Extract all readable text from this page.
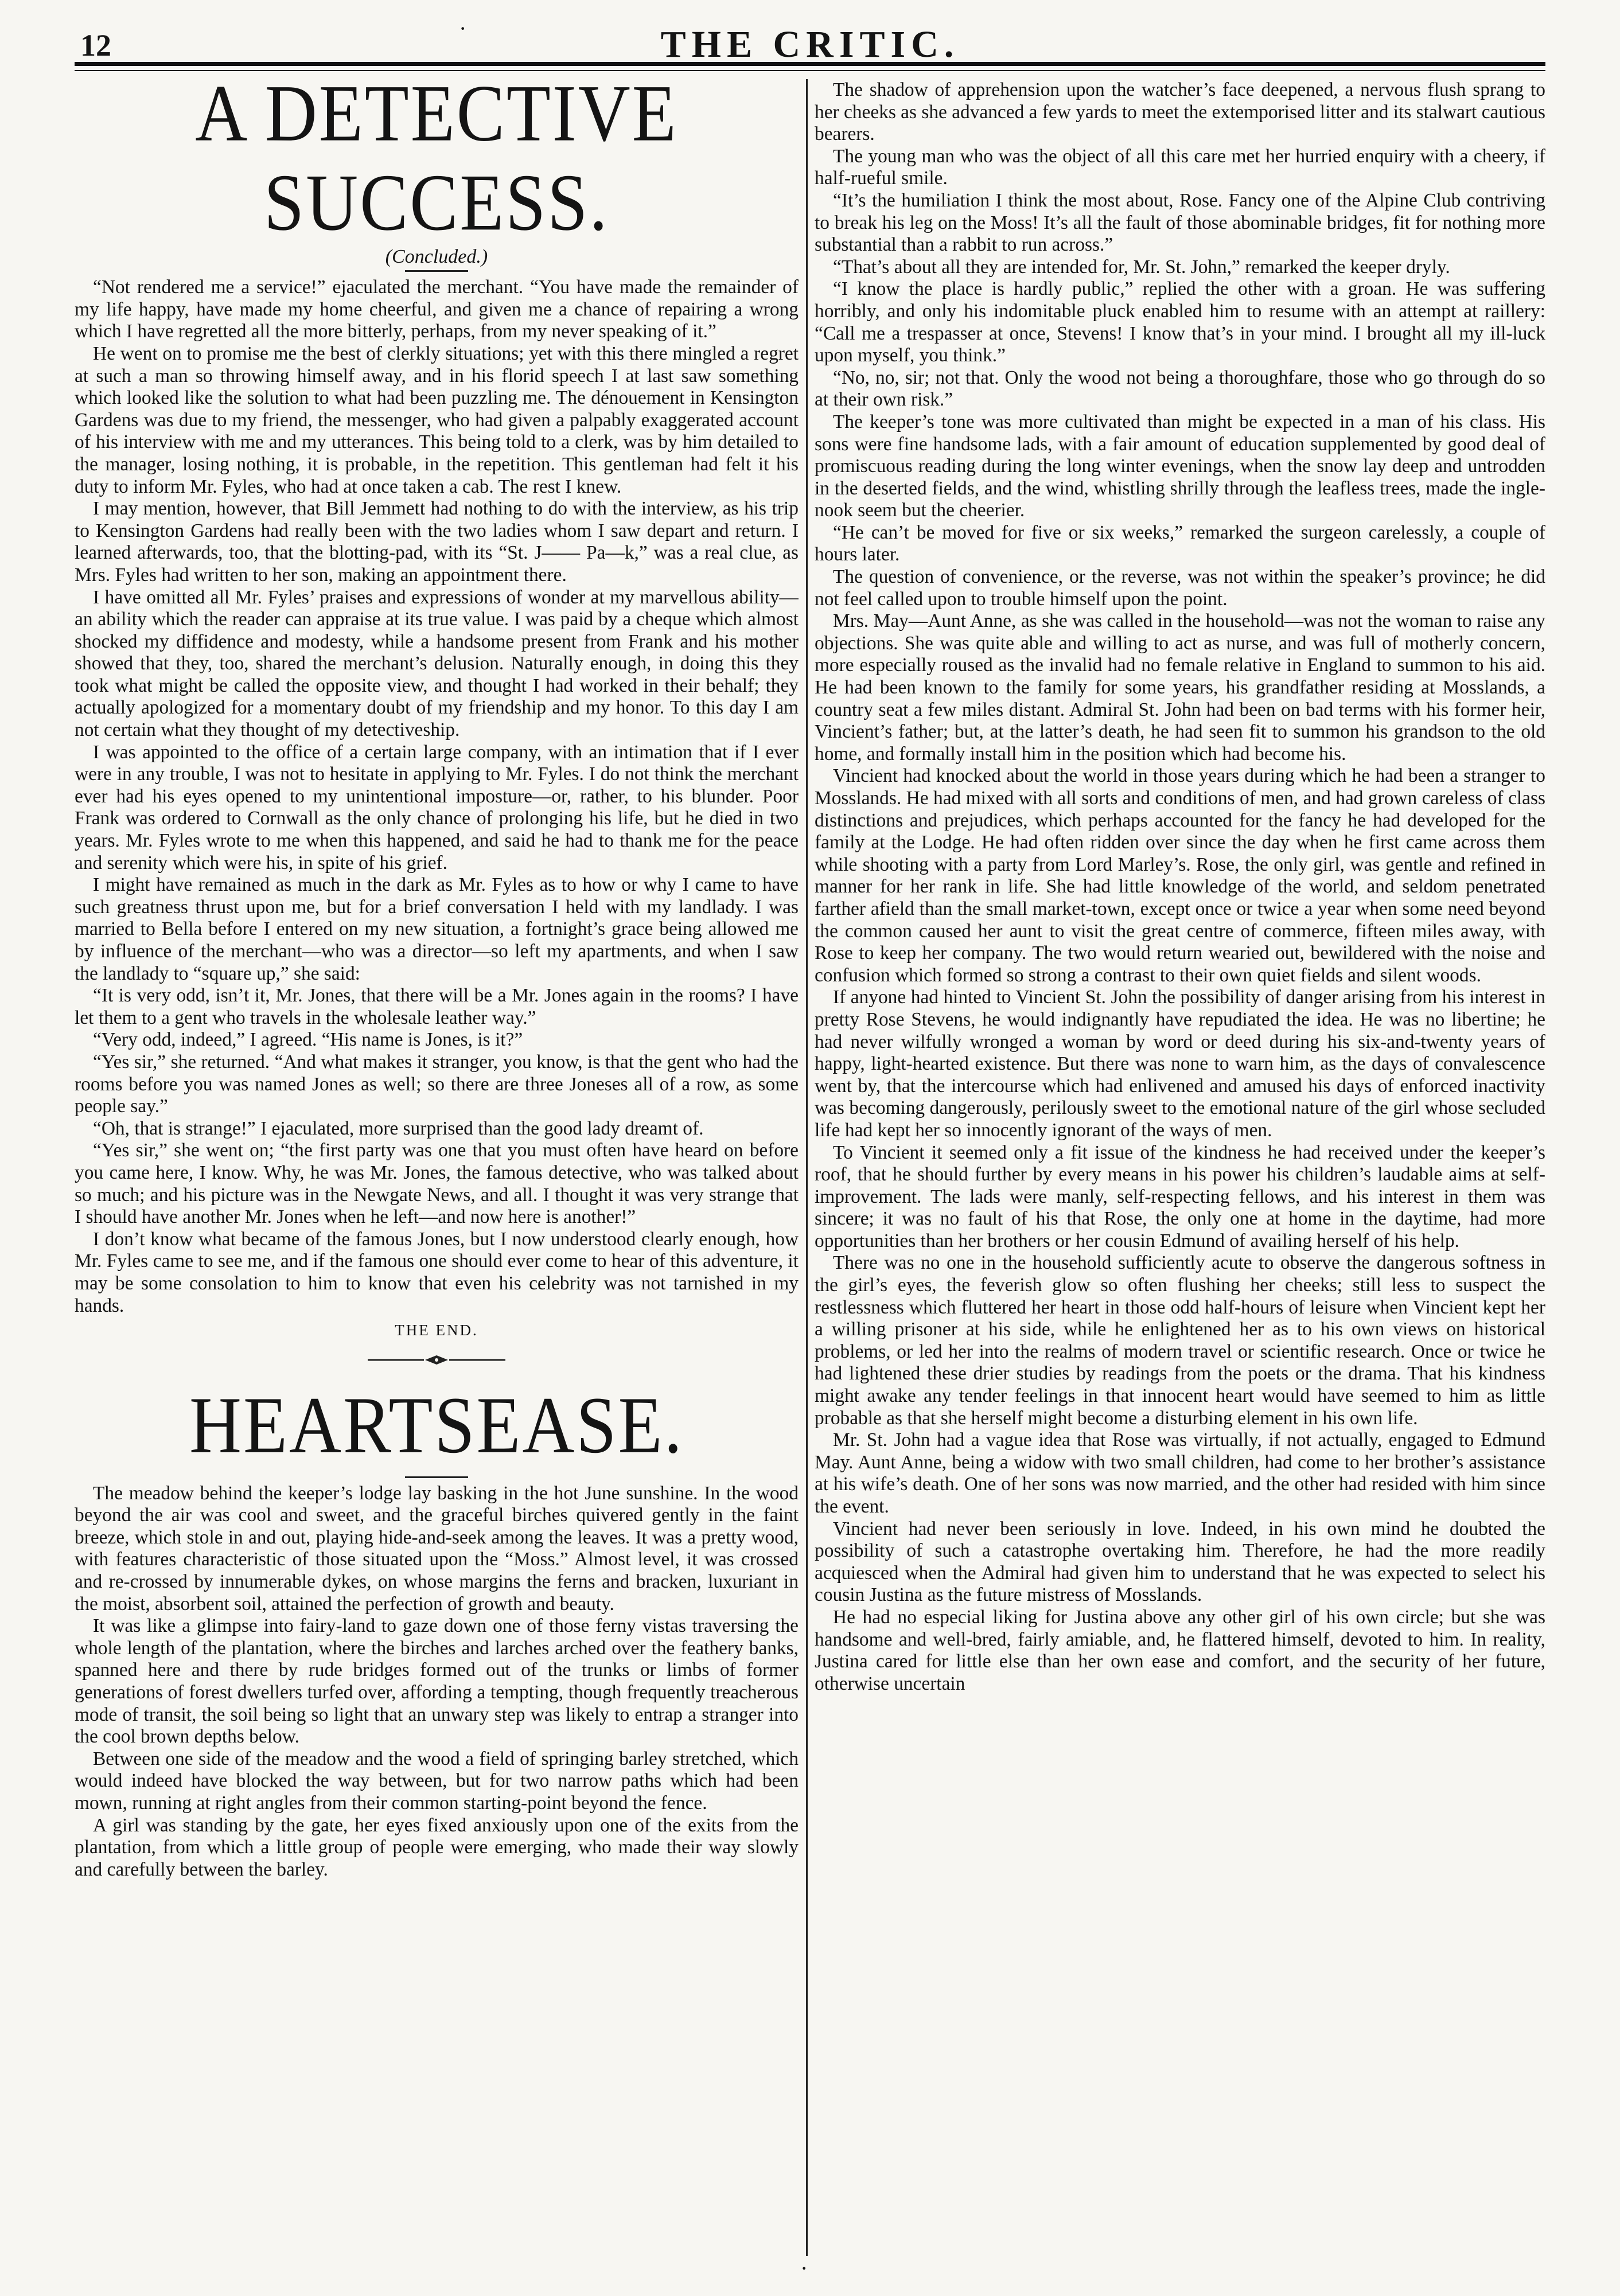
12	THE CRITIC.
A DETECTIVE SUCCESS.
(Concluded.)

“Not rendered me a service!” ejaculated the merchant. “You have made the remainder of my life happy, have made my home cheerful, and given me a chance of repairing a wrong which I have regretted all the more bitterly, perhaps, from my never speaking of it.”

He went on to promise me the best of clerkly situations; yet with this there mingled a regret at such a man so throwing himself away, and in his florid speech I at last saw something which looked like the solution to what had been puzzling me. The dénouement in Kensington Gardens was due to my friend, the messenger, who had given a palpably exaggerated account of his interview with me and my utterances. This being told to a clerk, was by him detailed to the manager, losing nothing, it is probable, in the repetition. This gentleman had felt it his duty to inform Mr. Fyles, who had at once taken a cab. The rest I knew.

I may mention, however, that Bill Jemmett had nothing to do with the interview, as his trip to Kensington Gardens had really been with the two ladies whom I saw depart and return. I learned afterwards, too, that the blotting-pad, with its “St. J—— Pa—k,” was a real clue, as Mrs. Fyles had written to her son, making an appointment there.

I have omitted all Mr. Fyles’ praises and expressions of wonder at my marvellous ability—an ability which the reader can appraise at its true value. I was paid by a cheque which almost shocked my diffidence and modesty, while a handsome present from Frank and his mother showed that they, too, shared the merchant’s delusion. Naturally enough, in doing this they took what might be called the opposite view, and thought I had worked in their behalf; they actually apologized for a momentary doubt of my friendship and my honor. To this day I am not certain what they thought of my detectiveship.

I was appointed to the office of a certain large company, with an intimation that if I ever were in any trouble, I was not to hesitate in applying to Mr. Fyles. I do not think the merchant ever had his eyes opened to my unintentional imposture—or, rather, to his blunder. Poor Frank was ordered to Cornwall as the only chance of prolonging his life, but he died in two years. Mr. Fyles wrote to me when this happened, and said he had to thank me for the peace and serenity which were his, in spite of his grief.

I might have remained as much in the dark as Mr. Fyles as to how or why I came to have such greatness thrust upon me, but for a brief conversation I held with my landlady. I was married to Bella before I entered on my new situation, a fortnight’s grace being allowed me by influence of the merchant—who was a director—so left my apartments, and when I saw the landlady to “square up,” she said:

“It is very odd, isn’t it, Mr. Jones, that there will be a Mr. Jones again in the rooms? I have let them to a gent who travels in the wholesale leather way.”

“Very odd, indeed,” I agreed. “His name is Jones, is it?”

“Yes sir,” she returned. “And what makes it stranger, you know, is that the gent who had the rooms before you was named Jones as well; so there are three Joneses all of a row, as some people say.”

“Oh, that is strange!” I ejaculated, more surprised than the good lady dreamt of.

“Yes sir,” she went on; “the first party was one that you must often have heard on before you came here, I know. Why, he was Mr. Jones, the famous detective, who was talked about so much; and his picture was in the Newgate News, and all. I thought it was very strange that I should have another Mr. Jones when he left—and now here is another!”

I don’t know what became of the famous Jones, but I now understood clearly enough, how Mr. Fyles came to see me, and if the famous one should ever come to hear of this adventure, it may be some consolation to him to know that even his celebrity was not tarnished in my hands.

THE END.
HEARTSEASE.

The meadow behind the keeper’s lodge lay basking in the hot June sunshine. In the wood beyond the air was cool and sweet, and the graceful birches quivered gently in the faint breeze, which stole in and out, playing hide-and-seek among the leaves. It was a pretty wood, with features characteristic of those situated upon the “Moss.” Almost level, it was crossed and re-crossed by innumerable dykes, on whose margins the ferns and bracken, luxuriant in the moist, absorbent soil, attained the perfection of growth and beauty.

It was like a glimpse into fairy-land to gaze down one of those ferny vistas traversing the whole length of the plantation, where the birches and larches arched over the feathery banks, spanned here and there by rude bridges formed out of the trunks or limbs of former generations of forest dwellers turfed over, affording a tempting, though frequently treacherous mode of transit, the soil being so light that an unwary step was likely to entrap a stranger into the cool brown depths below.

Between one side of the meadow and the wood a field of springing barley stretched, which would indeed have blocked the way between, but for two narrow paths which had been mown, running at right angles from their common starting-point beyond the fence.

A girl was standing by the gate, her eyes fixed anxiously upon one of the exits from the plantation, from which a little group of people were emerging, who made their way slowly and carefully between the barley.

The shadow of apprehension upon the watcher’s face deepened, a nervous flush sprang to her cheeks as she advanced a few yards to meet the extemporised litter and its stalwart cautious bearers.

The young man who was the object of all this care met her hurried enquiry with a cheery, if half-rueful smile.

“It’s the humiliation I think the most about, Rose. Fancy one of the Alpine Club contriving to break his leg on the Moss! It’s all the fault of those abominable bridges, fit for nothing more substantial than a rabbit to run across.”

“That’s about all they are intended for, Mr. St. John,” remarked the keeper dryly.

“I know the place is hardly public,” replied the other with a groan. He was suffering horribly, and only his indomitable pluck enabled him to resume with an attempt at raillery: “Call me a trespasser at once, Stevens! I know that’s in your mind. I brought all my ill-luck upon myself, you think.”

“No, no, sir; not that. Only the wood not being a thoroughfare, those who go through do so at their own risk.”

The keeper’s tone was more cultivated than might be expected in a man of his class. His sons were fine handsome lads, with a fair amount of education supplemented by good deal of promiscuous reading during the long winter evenings, when the snow lay deep and untrodden in the deserted fields, and the wind, whistling shrilly through the leafless trees, made the ingle-nook seem but the cheerier.

“He can’t be moved for five or six weeks,” remarked the surgeon carelessly, a couple of hours later.

The question of convenience, or the reverse, was not within the speaker’s province; he did not feel called upon to trouble himself upon the point.

Mrs. May—Aunt Anne, as she was called in the household—was not the woman to raise any objections. She was quite able and willing to act as nurse, and was full of motherly concern, more especially roused as the invalid had no female relative in England to summon to his aid. He had been known to the family for some years, his grandfather residing at Mosslands, a country seat a few miles distant. Admiral St. John had been on bad terms with his former heir, Vincient’s father; but, at the latter’s death, he had seen fit to summon his grandson to the old home, and formally install him in the position which had become his.

Vincient had knocked about the world in those years during which he had been a stranger to Mosslands. He had mixed with all sorts and conditions of men, and had grown careless of class distinctions and prejudices, which perhaps accounted for the fancy he had developed for the family at the Lodge. He had often ridden over since the day when he first came across them while shooting with a party from Lord Marley’s. Rose, the only girl, was gentle and refined in manner for her rank in life. She had little knowledge of the world, and seldom penetrated farther afield than the small market-town, except once or twice a year when some need beyond the common caused her aunt to visit the great centre of commerce, fifteen miles away, with Rose to keep her company. The two would return wearied out, bewildered with the noise and confusion which formed so strong a contrast to their own quiet fields and silent woods.

If anyone had hinted to Vincient St. John the possibility of danger arising from his interest in pretty Rose Stevens, he would indignantly have repudiated the idea. He was no libertine; he had never wilfully wronged a woman by word or deed during his six-and-twenty years of happy, light-hearted existence. But there was none to warn him, as the days of convalescence went by, that the intercourse which had enlivened and amused his days of enforced inactivity was becoming dangerously, perilously sweet to the emotional nature of the girl whose secluded life had kept her so innocently ignorant of the ways of men.

To Vincient it seemed only a fit issue of the kindness he had received under the keeper’s roof, that he should further by every means in his power his children’s laudable aims at self-improvement. The lads were manly, self-respecting fellows, and his interest in them was sincere; it was no fault of his that Rose, the only one at home in the daytime, had more opportunities than her brothers or her cousin Edmund of availing herself of his help.

There was no one in the household sufficiently acute to observe the dangerous softness in the girl’s eyes, the feverish glow so often flushing her cheeks; still less to suspect the restlessness which fluttered her heart in those odd half-hours of leisure when Vincient kept her a willing prisoner at his side, while he enlightened her as to his own views on historical problems, or led her into the realms of modern travel or scientific research. Once or twice he had lightened these drier studies by readings from the poets or the drama. That his kindness might awake any tender feelings in that innocent heart would have seemed to him as little probable as that she herself might become a disturbing element in his own life.

Mr. St. John had a vague idea that Rose was virtually, if not actually, engaged to Edmund May. Aunt Anne, being a widow with two small children, had come to her brother’s assistance at his wife’s death. One of her sons was now married, and the other had resided with him since the event.

Vincient had never been seriously in love. Indeed, in his own mind he doubted the possibility of such a catastrophe overtaking him. Therefore, he had the more readily acquiesced when the Admiral had given him to understand that he was expected to select his cousin Justina as the future mistress of Mosslands.

He had no especial liking for Justina above any other girl of his own circle; but she was handsome and well-bred, fairly amiable, and, he flattered himself, devoted to him. In reality, Justina cared for little else than her own ease and comfort, and the security of her future, otherwise uncertain

·
·
